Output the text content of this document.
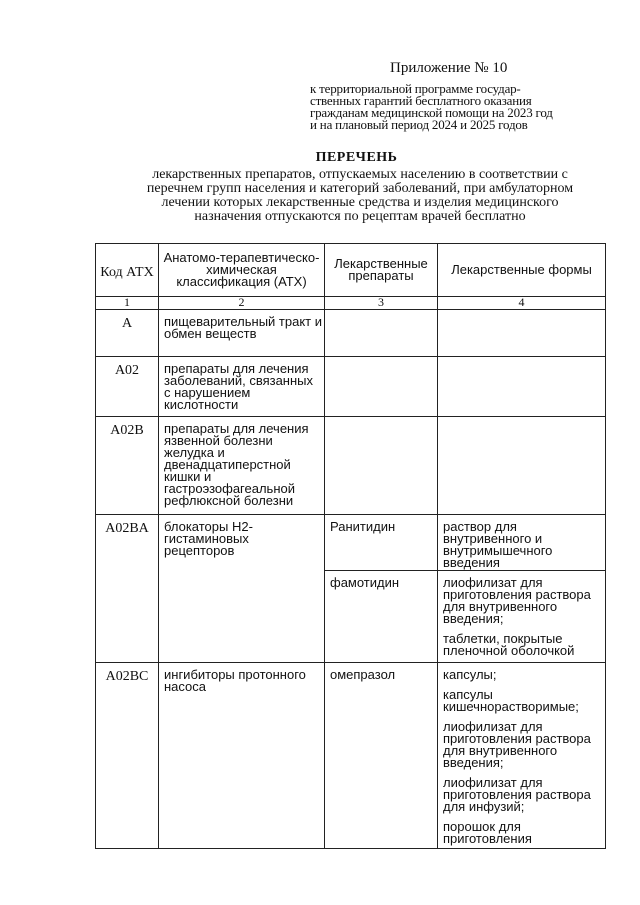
Приложение № 10
к территориальной программе государ-
ственных гарантий бесплатного оказания
гражданам медицинской помощи на 2023 год
и на плановый период 2024 и 2025 годов
ПЕРЕЧЕНЬ
лекарственных препаратов, отпускаемых населению в соответствии с
перечнем групп населения и категорий заболеваний, при амбулаторном
лечении которых лекарственные средства и изделия медицинского
назначения отпускаются по рецептам врачей бесплатно
Код АТХ	Анатомо-терапевтическо-химическая классификация (АТХ)	Лекарственные препараты	Лекарственные формы
1	2	3	4
A	пищеварительный тракт и обмен веществ		
A02	препараты для лечения заболеваний, связанных с нарушением кислотности		
A02B	препараты для лечения язвенной болезни желудка и двенадцатиперстной кишки и гастроэзофагеальной рефлюксной болезни		
A02BA	блокаторы H2-гистаминовых рецепторов	Ранитидин	раствор для внутривенного и внутримышечного введения

		фамотидин	лиофилизат для приготовления раствора для внутривенного введения;
таблетки, покрытые пленочной оболочкой

A02BC	ингибиторы протонного насоса	омепразол	капсулы;
капсулы кишечнорастворимые;
лиофилизат для приготовления раствора для внутривенного введения;
лиофилизат для приготовления раствора для инфузий;
порошок для приготовления
